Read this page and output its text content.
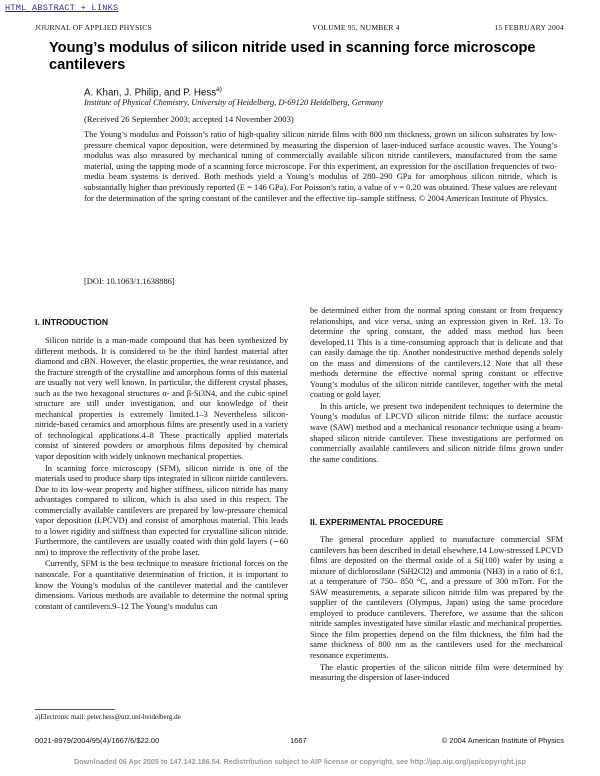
HTML ABSTRACT + LINKS
JOURNAL OF APPLIED PHYSICS	VOLUME 95, NUMBER 4	15 FEBRUARY 2004
Young’s modulus of silicon nitride used in scanning force microscope cantilevers
A. Khan, J. Philip, and P. Hess$^{a)}$
Institute of Physical Chemistry, University of Heidelberg, D-69120 Heidelberg, Germany
(Received 26 September 2003; accepted 14 November 2003)
The Young’s modulus and Poisson’s ratio of high-quality silicon nitride films with 800 nm thickness, grown on silicon substrates by low-pressure chemical vapor deposition, were determined by measuring the dispersion of laser-induced surface acoustic waves. The Young’s modulus was also measured by mechanical tuning of commercially available silicon nitride cantilevers, manufactured from the same material, using the tapping mode of a scanning force microscope. For this experiment, an expression for the oscillation frequencies of two-media beam systems is derived. Both methods yield a Young’s modulus of 280–290 GPa for amorphous silicon nitride, which is substantially higher than previously reported (E = 146 GPa). For Poisson’s ratio, a value of ν = 0.20 was obtained. These values are relevant for the determination of the spring constant of the cantilever and the effective tip–sample stiffness. © 2004 American Institute of Physics.
[DOI: 10.1063/1.1638886]
I. INTRODUCTION

Silicon nitride is a man-made compound that has been synthesized by different methods. It is considered to be the third hardest material after diamond and cBN. However, the elastic properties, the wear resistance, and the fracture strength of the crystalline and amorphous forms of this material are usually not very well known. In particular, the different crystal phases, such as the two hexagonal structures α- and β-Si3N4, and the cubic spinel structure are still under investigation, and our knowledge of their mechanical properties is extremely limited.1–3 Nevertheless silicon-nitride-based ceramics and amorphous films are presently used in a variety of technological applications.4–8 These practically applied materials consist of sintered powders or amorphous films deposited by chemical vapor deposition with widely unknown mechanical properties.

In scanning force microscopy (SFM), silicon nitride is one of the materials used to produce sharp tips integrated in silicon nitride cantilevers. Due to its low-wear property and higher stiffness, silicon nitride has many advantages compared to silicon, which is also used in this respect. The commercially available cantilevers are prepared by low-pressure chemical vapor deposition (LPCVD) and consist of amorphous material. This leads to a lower rigidity and stiffness than expected for crystalline silicon nitride. Furthermore, the cantilevers are usually coated with thin gold layers (∼60 nm) to improve the reflectivity of the probe laser.

Currently, SFM is the best technique to measure frictional forces on the nanoscale. For a quantitative determination of friction, it is important to know the Young’s modulus of the cantilever material and the cantilever dimensions. Various methods are available to determine the normal spring constant of cantilevers.9–12 The Young’s modulus can

a)Electronic mail: peter.hess@urz.uni-heidelberg.de

be determined either from the normal spring constant or from frequency relationships, and vice versa, using an expression given in Ref. 13. To determine the spring constant, the added mass method has been developed.11 This is a time-consuming approach that is delicate and that can easily damage the tip. Another nondestructive method depends solely on the mass and dimensions of the cantilevers.12 Note that all these methods determine the effective normal spring constant or effective Young’s modulus of the silicon nitride cantilever, together with the metal coating or gold layer.

In this article, we present two independent techniques to determine the Young’s modulus of LPCVD silicon nitride films: the surface acoustic wave (SAW) method and a mechanical resonance technique using a beam-shaped silicon nitride cantilever. These investigations are performed on commercially available cantilevers and silicon nitride films grown under the same conditions.

II. EXPERIMENTAL PROCEDURE

The general procedure applied to manufacture commercial SFM cantilevers has been described in detail elsewhere.14 Low-stressed LPCVD films are deposited on the thermal oxide of a Si(100) wafer by using a mixture of dichlorosilane (SiH2Cl2) and ammonia (NH3) in a ratio of 6:1, at a temperature of 750– 850 °C, and a pressure of 300 mTorr. For the SAW measurements, a separate silicon nitride film was prepared by the supplier of the cantilevers (Olympus, Japan) using the same procedure employed to produce cantilevers. Therefore, we assume that the silicon nitride samples investigated have similar elastic and mechanical properties. Since the film properties depend on the film thickness, the film had the same thickness of 800 nm as the cantilevers used for the mechanical resonance experiments.

The elastic properties of the silicon nitride film were determined by measuring the dispersion of laser-induced

0021-8979/2004/95(4)/1667/6/$22.00	1667	© 2004 American Institute of Physics
Downloaded 06 Apr 2005 to 147.142.186.54. Redistribution subject to AIP license or copyright, see http://jap.aip.org/jap/copyright.jsp
